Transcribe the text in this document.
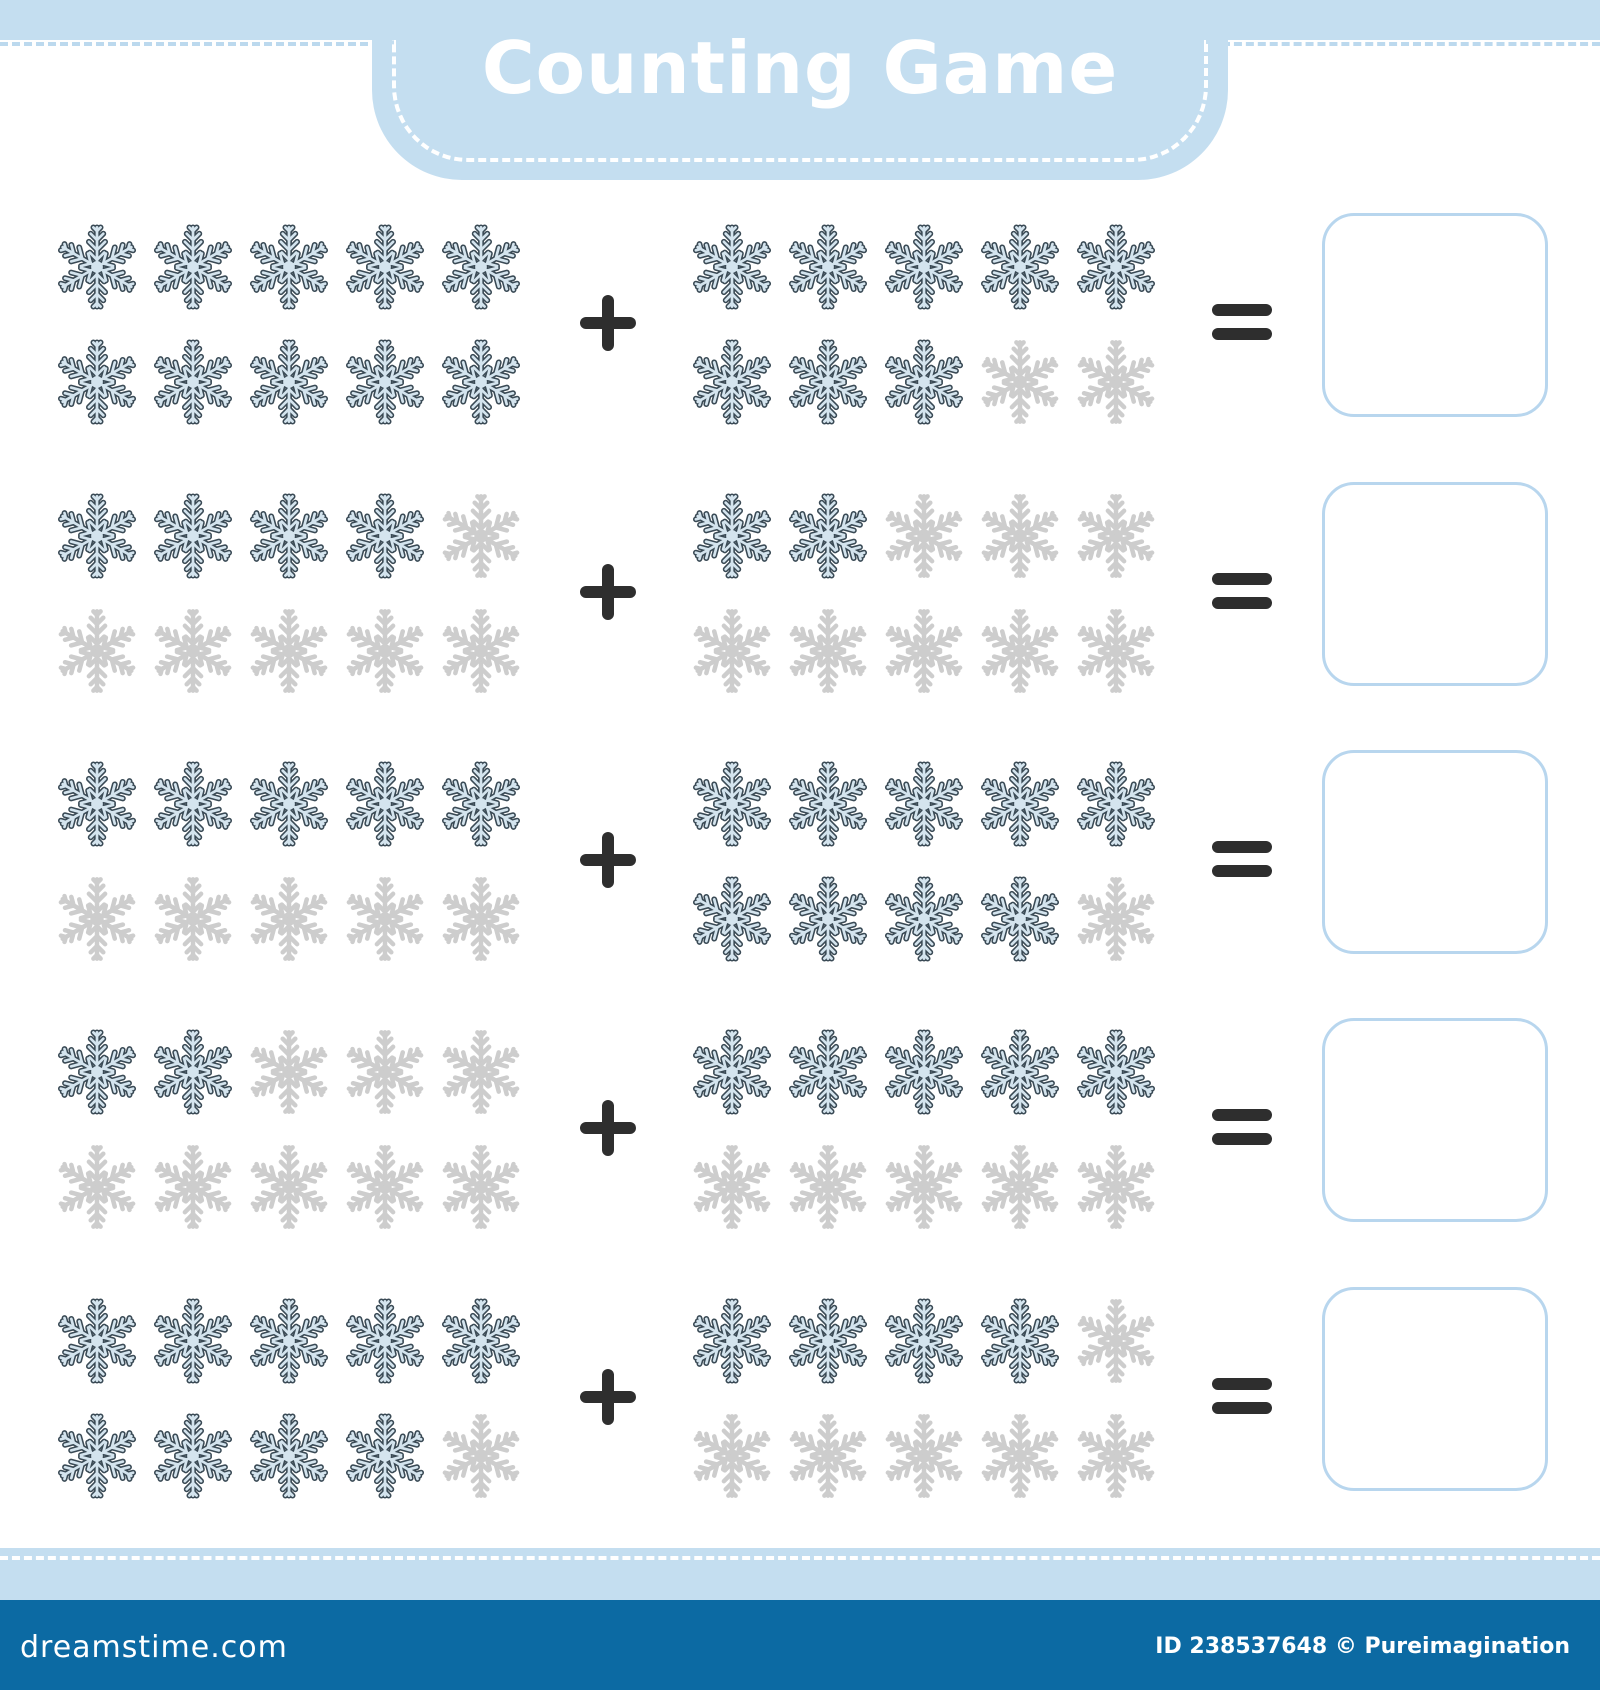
Counting Game
dreamstime.com	ID 238537648 © Pureimagination
